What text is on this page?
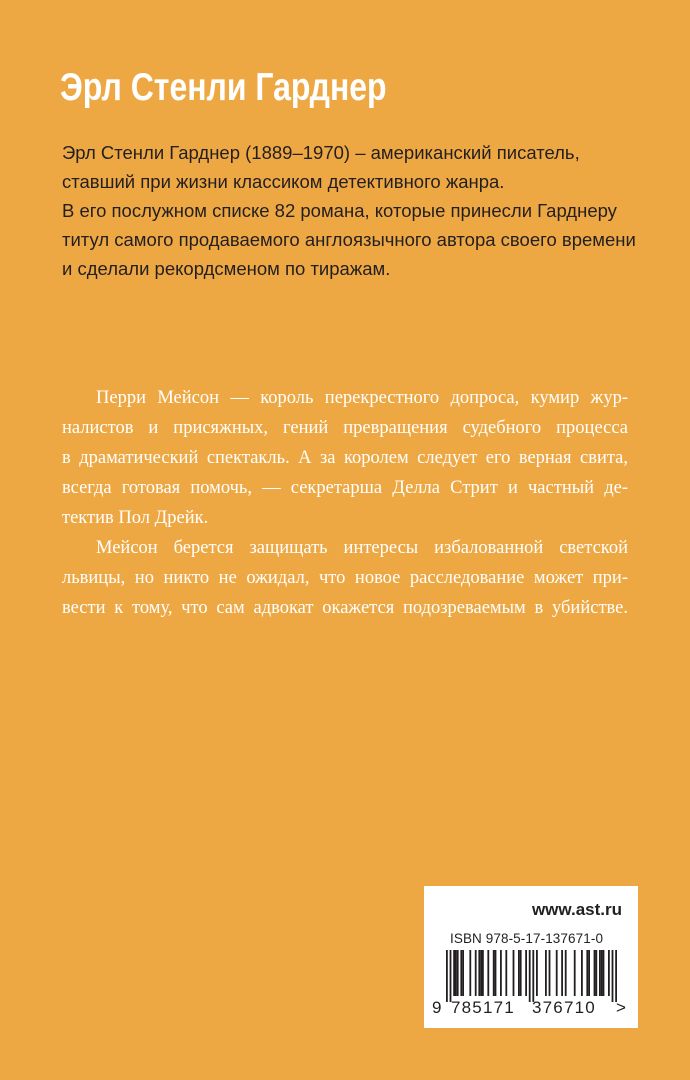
Эрл Стенли Гарднер

Эрл Стенли Гарднер (1889–1970) – американский писатель,
ставший при жизни классиком детективного жанра.
В его послужном списке 82 романа, которые принесли Гарднеру
титул самого продаваемого англоязычного автора своего времени
и сделали рекордсменом по тиражам.

Перри Мейсон — король перекрестного допроса, кумир жур-
налистов и присяжных, гений превращения судебного процесса
в драматический спектакль. А за королем следует его верная свита,
всегда готовая помочь, — секретарша Делла Стрит и частный де-
тектив Пол Дрейк.
Мейсон берется защищать интересы избалованной светской
львицы, но никто не ожидал, что новое расследование может при-
вести к тому, что сам адвокат окажется подозреваемым в убийстве.
www.ast.ru
ISBN 978-5-17-137671-0
9 785171 376710 >
